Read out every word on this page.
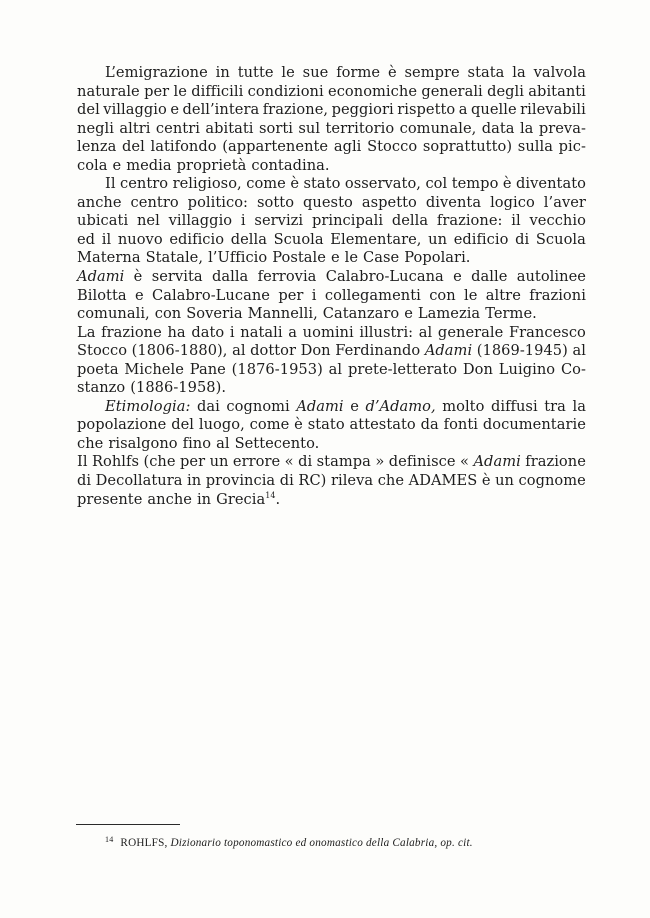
L’emigrazione in tutte le sue forme è sempre stata la valvola
naturale per le difficili condizioni economiche generali degli abitanti
del villaggio e dell’intera frazione, peggiori rispetto a quelle rilevabili
negli altri centri abitati sorti sul territorio comunale, data la preva-
lenza del latifondo (appartenente agli Stocco soprattutto) sulla pic-
cola e media proprietà contadina.
Il centro religioso, come è stato osservato, col tempo è diventato
anche centro politico: sotto questo aspetto diventa logico l’aver
ubicati nel villaggio i servizi principali della frazione: il vecchio
ed il nuovo edificio della Scuola Elementare, un edificio di Scuola
Materna Statale, l’Ufficio Postale e le Case Popolari.
Adami è servita dalla ferrovia Calabro-Lucana e dalle autolinee
Bilotta e Calabro-Lucane per i collegamenti con le altre frazioni
comunali, con Soveria Mannelli, Catanzaro e Lamezia Terme.
La frazione ha dato i natali a uomini illustri: al generale Francesco
Stocco (1806-1880), al dottor Don Ferdinando Adami (1869-1945) al
poeta Michele Pane (1876-1953) al prete-letterato Don Luigino Co-
stanzo (1886-1958).
Etimologia: dai cognomi Adami e d’Adamo, molto diffusi tra la
popolazione del luogo, come è stato attestato da fonti documentarie
che risalgono fino al Settecento.
Il Rohlfs (che per un errore « di stampa » definisce « Adami frazione
di Decollatura in provincia di RC) rileva che ADAMES è un cognome
presente anche in Grecia$^{14}$.
$^{14}$ ROHLFS, Dizionario toponomastico ed onomastico della Calabria, op. cit.
